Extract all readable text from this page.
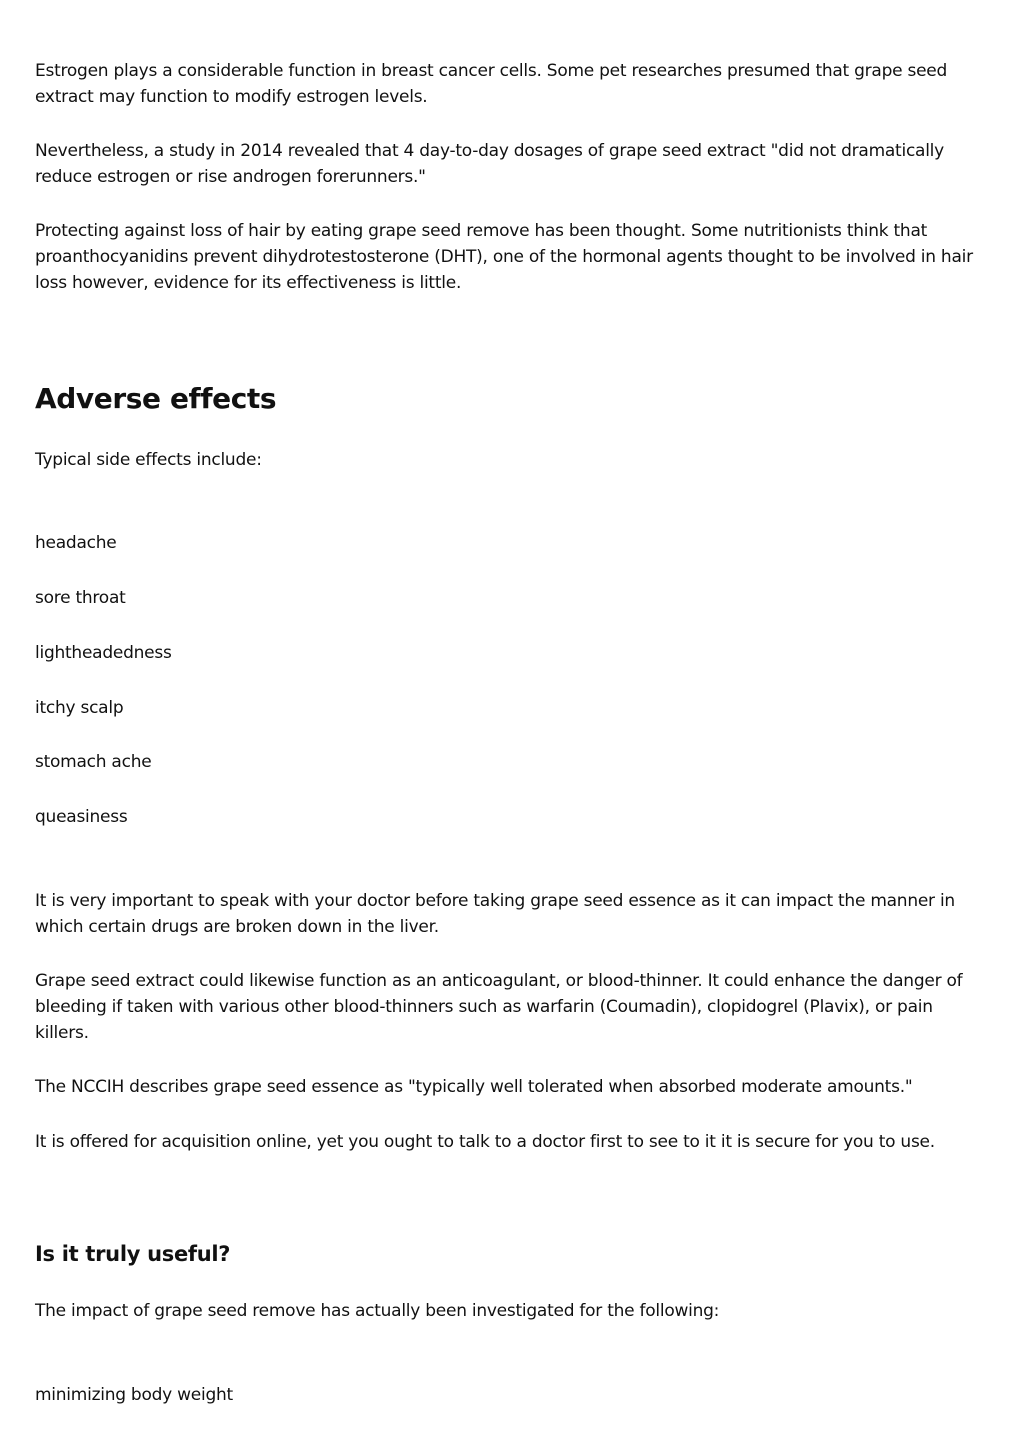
Estrogen plays a considerable function in breast cancer cells. Some pet researches presumed that grape seed extract may function to modify estrogen levels.

Nevertheless, a study in 2014 revealed that 4 day-to-day dosages of grape seed extract "did not dramatically reduce estrogen or rise androgen forerunners."

Protecting against loss of hair by eating grape seed remove has been thought. Some nutritionists think that proanthocyanidins prevent dihydrotestosterone (DHT), one of the hormonal agents thought to be involved in hair loss however, evidence for its effectiveness is little.

Adverse effects

Typical side effects include:

headache

sore throat

lightheadedness

itchy scalp

stomach ache

queasiness

It is very important to speak with your doctor before taking grape seed essence as it can impact the manner in which certain drugs are broken down in the liver.

Grape seed extract could likewise function as an anticoagulant, or blood-thinner. It could enhance the danger of bleeding if taken with various other blood-thinners such as warfarin (Coumadin), clopidogrel (Plavix), or pain killers.

The NCCIH describes grape seed essence as "typically well tolerated when absorbed moderate amounts."

It is offered for acquisition online, yet you ought to talk to a doctor first to see to it it is secure for you to use.

Is it truly useful?

The impact of grape seed remove has actually been investigated for the following:

minimizing body weight
